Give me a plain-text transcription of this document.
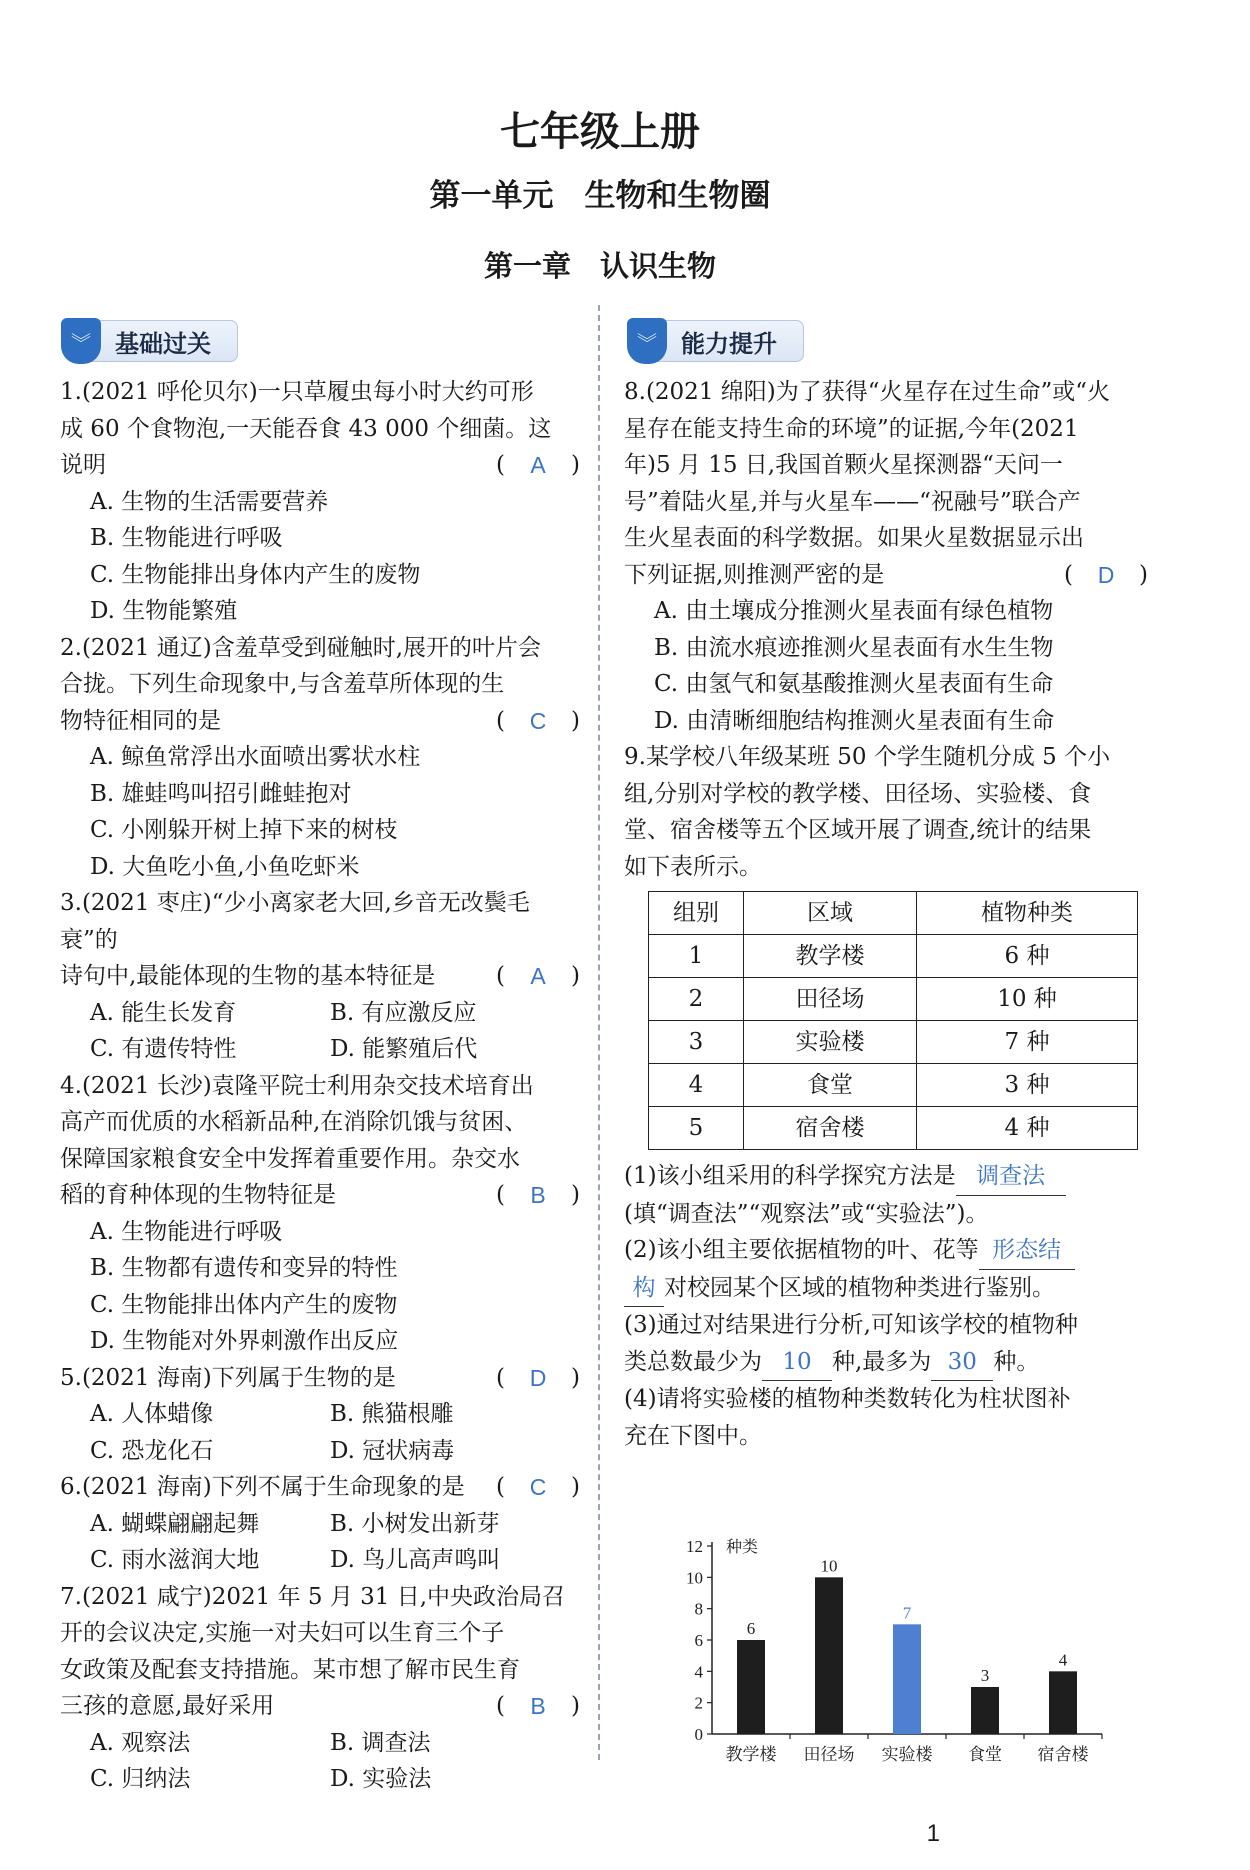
七年级上册
第一单元　生物和生物圈
第一章　认识生物
︾	基础过关

1.(2021 呼伦贝尔)一只草履虫每小时大约可形

成 60 个食物泡,一天能吞食 43 000 个细菌。这

说明	( A )

A. 生物的生活需要营养

B. 生物能进行呼吸

C. 生物能排出身体内产生的废物

D. 生物能繁殖

2.(2021 通辽)含羞草受到碰触时,展开的叶片会

合拢。下列生命现象中,与含羞草所体现的生

物特征相同的是	( C )

A. 鲸鱼常浮出水面喷出雾状水柱

B. 雄蛙鸣叫招引雌蛙抱对

C. 小刚躲开树上掉下来的树枝

D. 大鱼吃小鱼,小鱼吃虾米

3.(2021 枣庄)“少小离家老大回,乡音无改鬓毛衰”的

诗句中,最能体现的生物的基本特征是	( A )
A. 能生长发育	B. 有应激反应
C. 有遗传特性	D. 能繁殖后代

4.(2021 长沙)袁隆平院士利用杂交技术培育出

高产而优质的水稻新品种,在消除饥饿与贫困、

保障国家粮食安全中发挥着重要作用。杂交水

稻的育种体现的生物特征是	( B )

A. 生物能进行呼吸

B. 生物都有遗传和变异的特性

C. 生物能排出体内产生的废物

D. 生物能对外界刺激作出反应

5.(2021 海南)下列属于生物的是	( D )
A. 人体蜡像	B. 熊猫根雕
C. 恐龙化石	D. 冠状病毒
6.(2021 海南)下列不属于生命现象的是	( C )
A. 蝴蝶翩翩起舞	B. 小树发出新芽
C. 雨水滋润大地	D. 鸟儿高声鸣叫

7.(2021 咸宁)2021 年 5 月 31 日,中央政治局召

开的会议决定,实施一对夫妇可以生育三个子

女政策及配套支持措施。某市想了解市民生育

三孩的意愿,最好采用	( B )
A. 观察法	B. 调查法
C. 归纳法	D. 实验法
︾	能力提升

8.(2021 绵阳)为了获得“火星存在过生命”或“火

星存在能支持生命的环境”的证据,今年(2021

年)5 月 15 日,我国首颗火星探测器“天问一

号”着陆火星,并与火星车——“祝融号”联合产

生火星表面的科学数据。如果火星数据显示出

下列证据,则推测严密的是	( D )

A. 由土壤成分推测火星表面有绿色植物

B. 由流水痕迹推测火星表面有水生生物

C. 由氢气和氨基酸推测火星表面有生命

D. 由清晰细胞结构推测火星表面有生命

9.某学校八年级某班 50 个学生随机分成 5 个小

组,分别对学校的教学楼、田径场、实验楼、食

堂、宿舍楼等五个区域开展了调查,统计的结果

如下表所示。

组别	区域	植物种类
1	教学楼	6 种
2	田径场	10 种
3	实验楼	7 种
4	食堂	3 种
5	宿舍楼	4 种

(1)该小组采用的科学探究方法是 调查法

(填“调查法”“观察法”或“实验法”)。

(2)该小组主要依据植物的叶、花等 形态结

构 对校园某个区域的植物种类进行鉴别。

(3)通过对结果进行分析,可知该学校的植物种

类总数最少为 10 种,最多为 30 种。

(4)请将实验楼的植物种类数转化为柱状图补

充在下图中。

种类
0
2
4
6
8
10
12
6
教学楼
10
田径场
7
实验楼
3
食堂
4
宿舍楼
1
